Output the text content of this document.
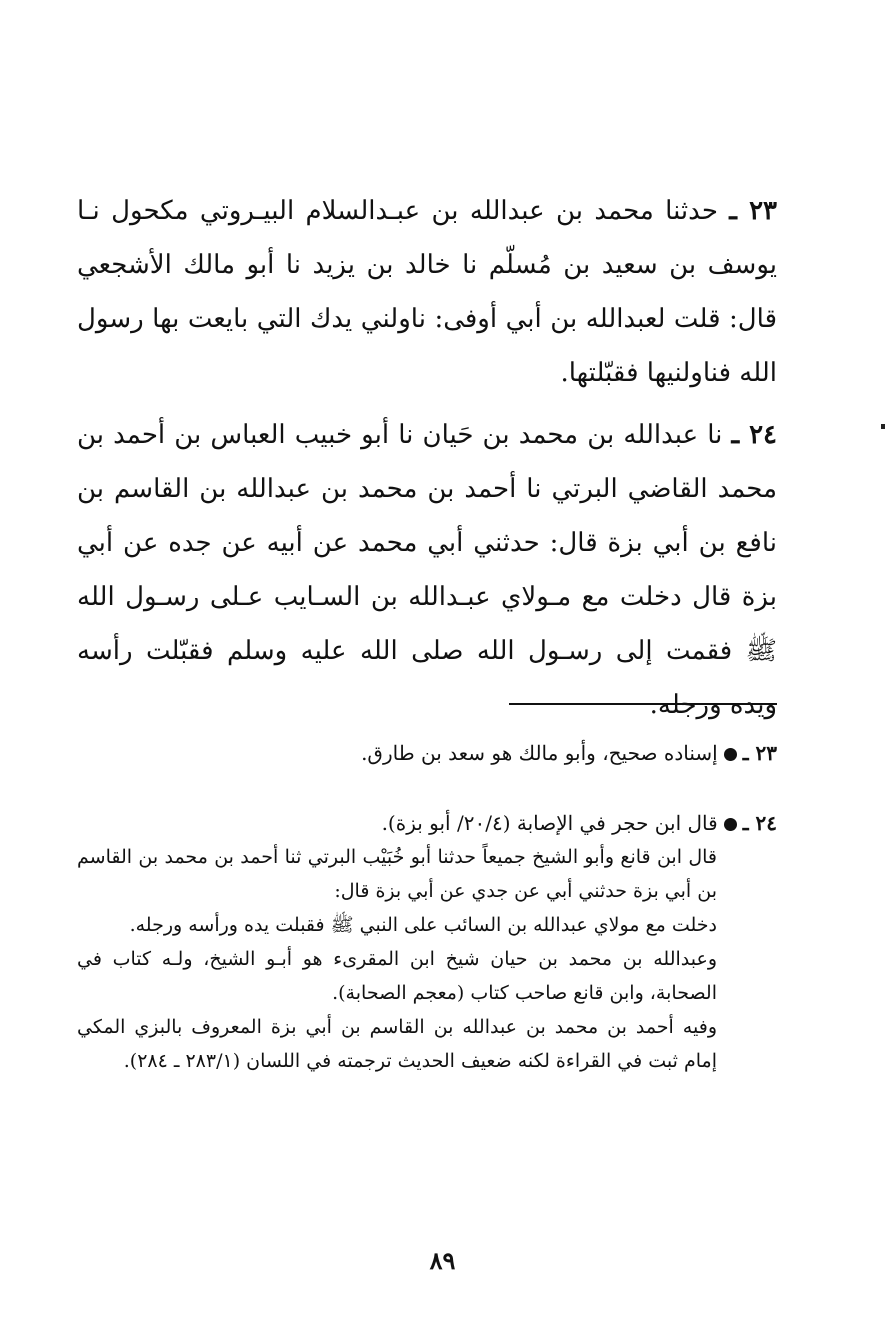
٢٣ ـ حدثنا محمد بن عبدالله بن عبـدالسلام البيـروتي مكحول نـا يوسف بن سعيد بن مُسلّم نا خالد بن يزيد نا أبو مالك الأشجعي قال: قلت لعبدالله بن أبي أوفى: ناولني يدك التي بايعت بها رسول الله فناولنيها فقبّلتها.

٢٤ ـ نا عبدالله بن محمد بن حَيان نا أبو خبيب العباس بن أحمد بن محمد القاضي البرتي نا أحمد بن محمد بن عبدالله بن القاسم بن نافع بن أبي بزة قال: حدثني أبي محمد عن أبيه عن جده عن أبي بزة قال دخلت مع مـولاي عبـدالله بن السـايب عـلى رسـول الله ﷺ فقمت إلى رسـول الله صلى الله عليه وسلم فقبّلت رأسه ويده ورجله.

٢٣ ـإسناده صحيح، وأبو مالك هو سعد بن طارق.
٢٤ ـقال ابن حجر في الإصابة (٢٠/٤/ أبو بزة).

قال ابن قانع وأبو الشيخ جميعاً حدثنا أبو خُبَيْب البرتي ثنا أحمد بن محمد بن القاسم بن أبي بزة حدثني أبي عن جدي عن أبي بزة قال:

دخلت مع مولاي عبدالله بن السائب على النبي ﷺ فقبلت يده ورأسه ورجله.

وعبدالله بن محمد بن حيان شيخ ابن المقرىء هو أبـو الشيخ، ولـه كتاب في الصحابة، وابن قانع صاحب كتاب (معجم الصحابة).

وفيه أحمد بن محمد بن عبدالله بن القاسم بن أبي بزة المعروف بالبزي المكي إمام ثبت في القراءة لكنه ضعيف الحديث ترجمته في اللسان (٢٨٣/١ ـ ٢٨٤).

٨٩
